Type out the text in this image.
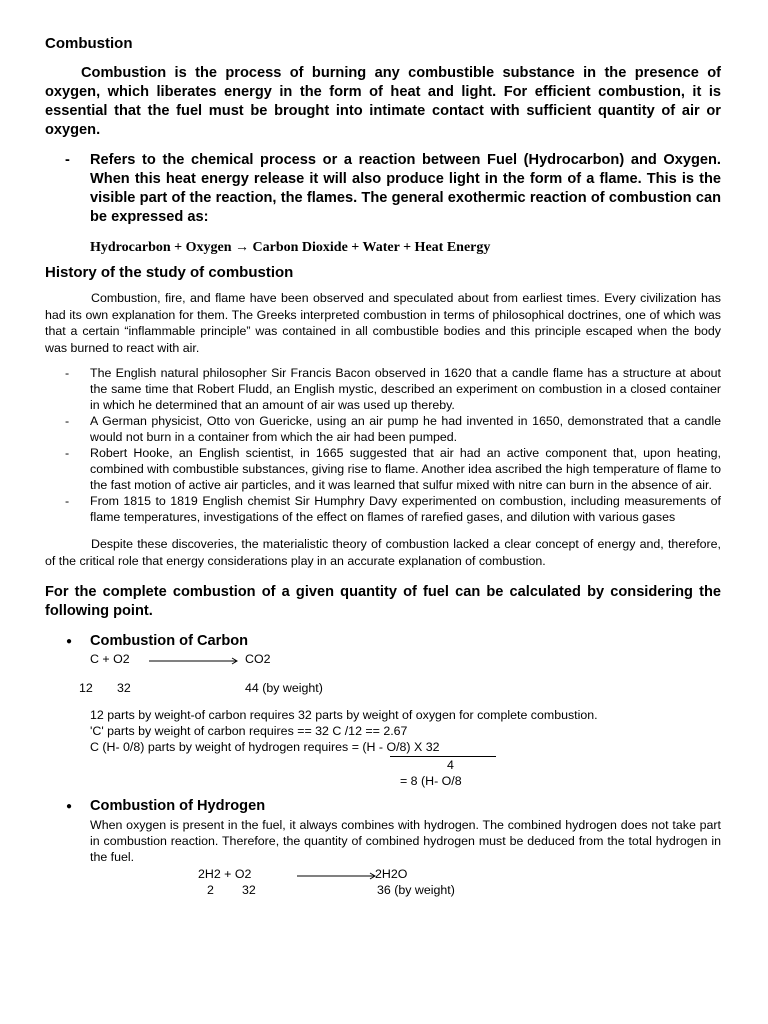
Combustion

Combustion is the process of burning any combustible substance in the presence of oxygen, which liberates energy in the form of heat and light. For efficient combustion, it is essential that the fuel must be brought into intimate contact with sufficient quantity of air or oxygen.

-	Refers to the chemical process or a reaction between Fuel (Hydrocarbon) and Oxygen. When this heat energy release it will also produce light in the form of a flame. This is the visible part of the reaction, the flames. The general exothermic reaction of combustion can be expressed as:
Hydrocarbon + Oxygen → Carbon Dioxide + Water + Heat Energy
History of the study of combustion

Combustion, fire, and flame have been observed and speculated about from earliest times. Every civilization has had its own explanation for them. The Greeks interpreted combustion in terms of philosophical doctrines, one of which was that a certain “inflammable principle” was contained in all combustible bodies and this principle escaped when the body was burned to react with air.

-	The English natural philosopher Sir Francis Bacon observed in 1620 that a candle flame has a structure at about the same time that Robert Fludd, an English mystic, described an experiment on combustion in a closed container in which he determined that an amount of air was used up thereby.
-	A German physicist, Otto von Guericke, using an air pump he had invented in 1650, demonstrated that a candle would not burn in a container from which the air had been pumped.
-	Robert Hooke, an English scientist, in 1665 suggested that air had an active component that, upon heating, combined with combustible substances, giving rise to flame. Another idea ascribed the high temperature of flame to the fast motion of active air particles, and it was learned that sulfur mixed with nitre can burn in the absence of air.
-	From 1815 to 1819 English chemist Sir Humphry Davy experimented on combustion, including measurements of flame temperatures, investigations of the effect on flames of rarefied gases, and dilution with various gases

Despite these discoveries, the materialistic theory of combustion lacked a clear concept of energy and, therefore, of the critical role that energy considerations play in an accurate explanation of combustion.

For the complete combustion of a given quantity of fuel can be calculated by considering the following point.

●	Combustion of Carbon
C + O2	CO2
12 32	44 (by weight)
12 parts by weight-of carbon requires 32 parts by weight of oxygen for complete combustion.
'C' parts by weight of carbon requires == 32 C /12 == 2.67
C (H- 0/8) parts by weight of hydrogen requires = (H - O/8) X 32
4
= 8 (H- O/8
●	Combustion of Hydrogen
When oxygen is present in the fuel, it always combines with hydrogen. The combined hydrogen does not take part in combustion reaction. Therefore, the quantity of combined hydrogen must be deduced from the total hydrogen in the fuel.
2H2 + O2	2H2O
2 32	36 (by weight)
